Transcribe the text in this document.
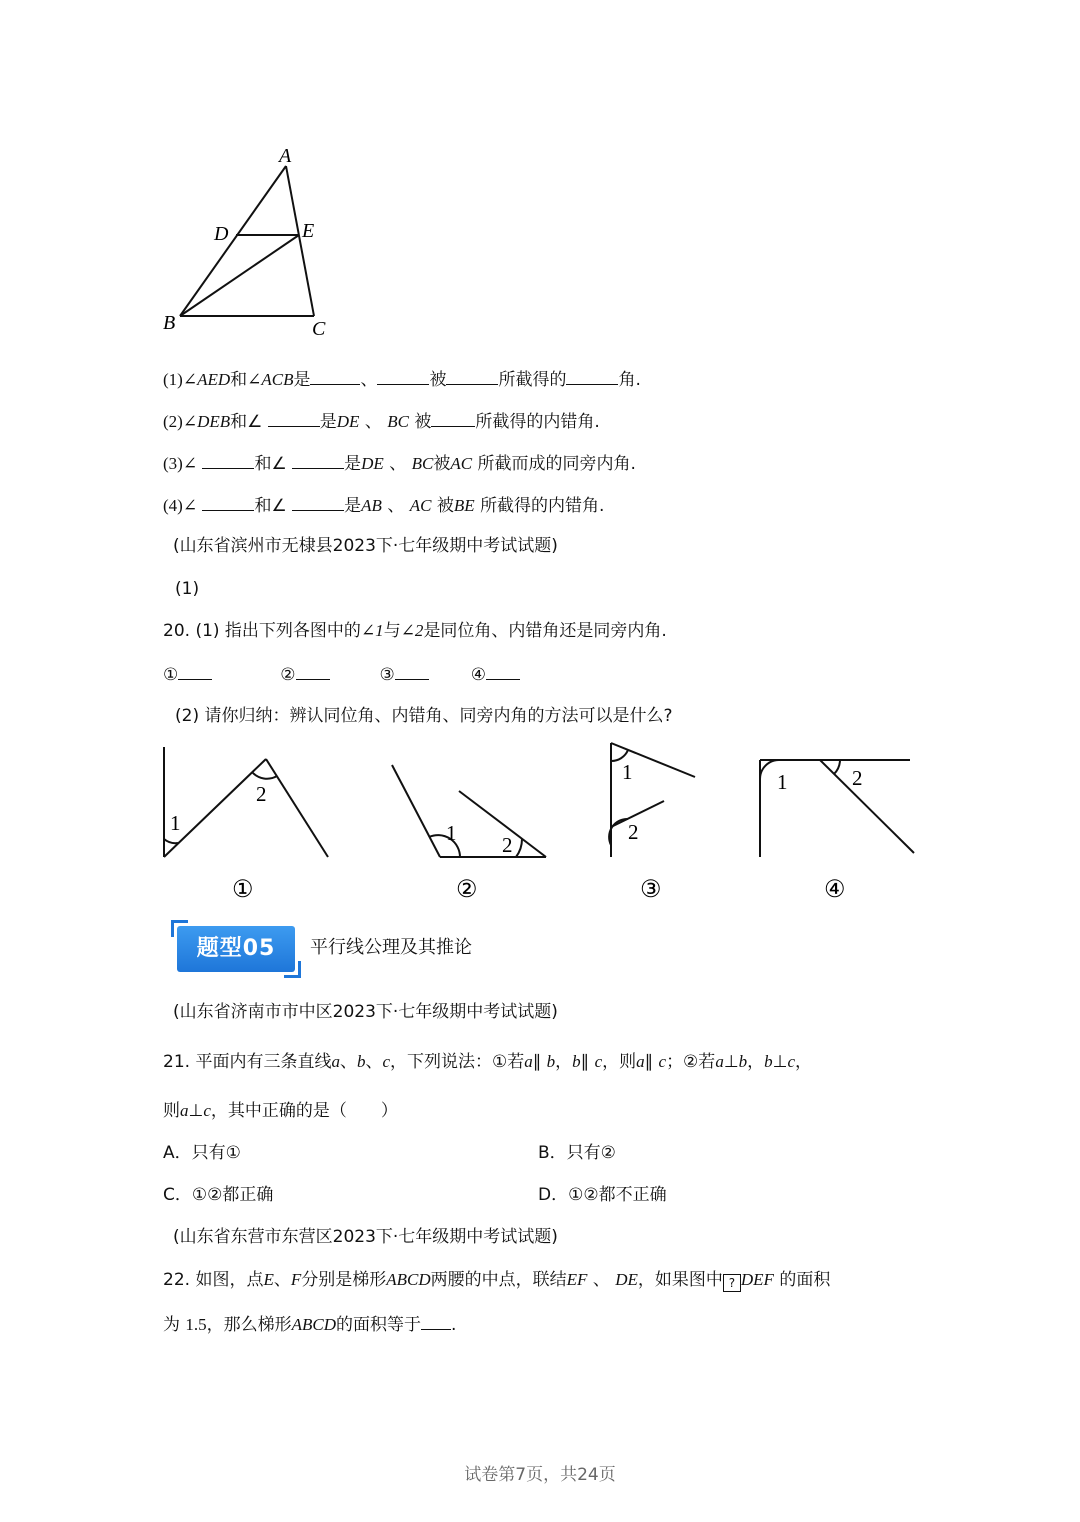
A
D	E
B	C
(1)∠AED和∠ACB是	、	被	所截得的	角.
(2)∠DEB和∠	是DE 、 BC 被	所截得的内错角.
(3)∠	和∠	是DE 、 BC被AC 所截而成的同旁内角.
(4)∠	和∠	是AB 、 AC 被BE 所截得的内错角.
(山东省滨州市无棣县2023下·七年级期中考试试题)
(1)
20. (1) 指出下列各图中的∠1与∠2是同位角、内错角还是同旁内角.
①	②	③	④
(2) 请你归纳：辨认同位角、内错角、同旁内角的方法可以是什么?
1
2
1 2
1
2
1	2
①	②	③	④
题型05	平行线公理及其推论
(山东省济南市市中区2023下·七年级期中考试试题)
21. 平面内有三条直线a、b、c，下列说法：①若a∥ b，b∥ c，则a∥ c；②若a⊥b，b⊥c，
则a⊥c，其中正确的是（　　）
A．只有①	B．只有②
C．①②都正确	D．①②都不正确
(山东省东营市东营区2023下·七年级期中考试试题)
22. 如图，点E、F分别是梯形ABCD两腰的中点，联结EF 、 DE，如果图中 ? DEF 的面积
为 1.5，那么梯形ABCD的面积等于 .
试卷第7页，共24页
